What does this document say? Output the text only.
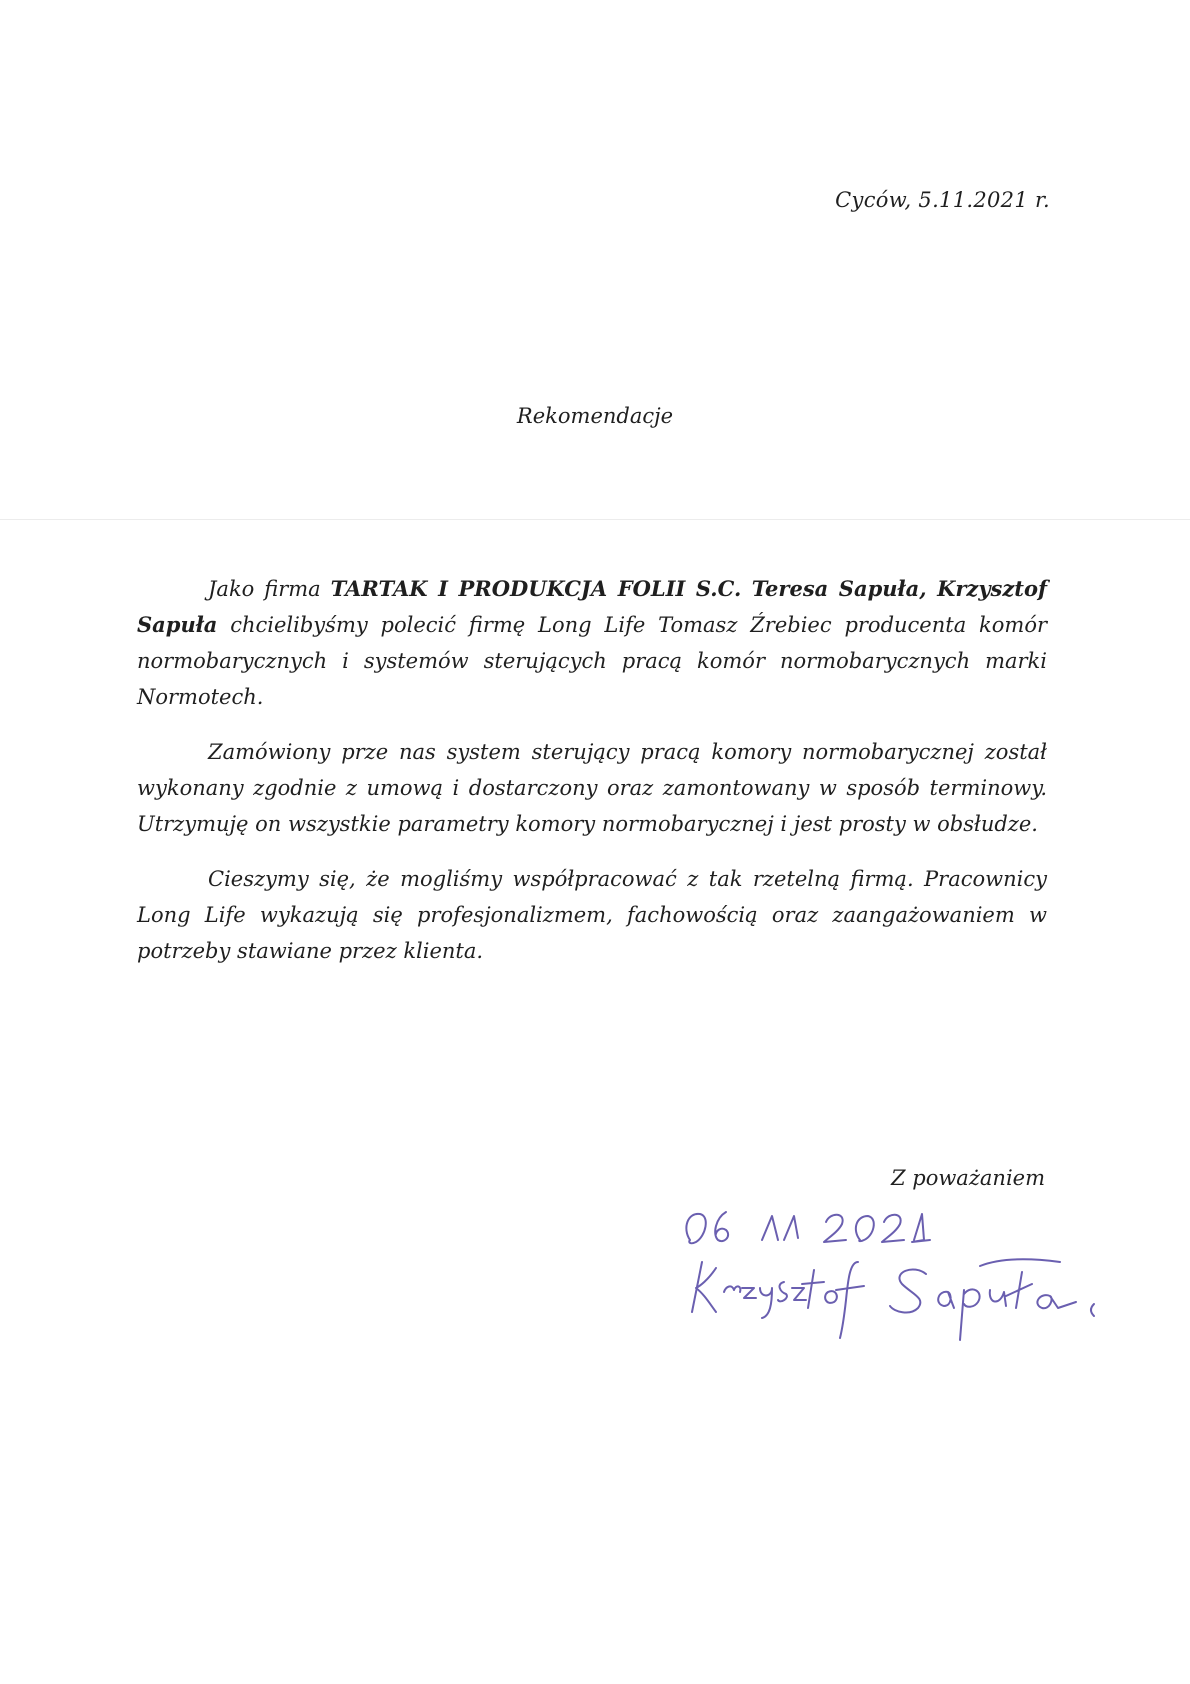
Cyców, 5.11.2021 r.
Rekomendacje

Jako firma TARTAK I PRODUKCJA FOLII S.C. Teresa Sapuła, Krzysztof Sapuła chcielibyśmy polecić firmę Long Life Tomasz Źrebiec producenta komór normobarycznych i systemów sterujących pracą komór normobarycznych marki Normotech.

Zamówiony prze nas system sterujący pracą komory normobarycznej został wykonany zgodnie z umową i dostarczony oraz zamontowany w sposób terminowy. Utrzymuję on wszystkie parametry komory normobarycznej i jest prosty w obsłudze.

Cieszymy się, że mogliśmy współpracować z tak rzetelną firmą. Pracownicy Long Life wykazują się profesjonalizmem, fachowością oraz zaangażowaniem w potrzeby stawiane przez klienta.

Z poważaniem
